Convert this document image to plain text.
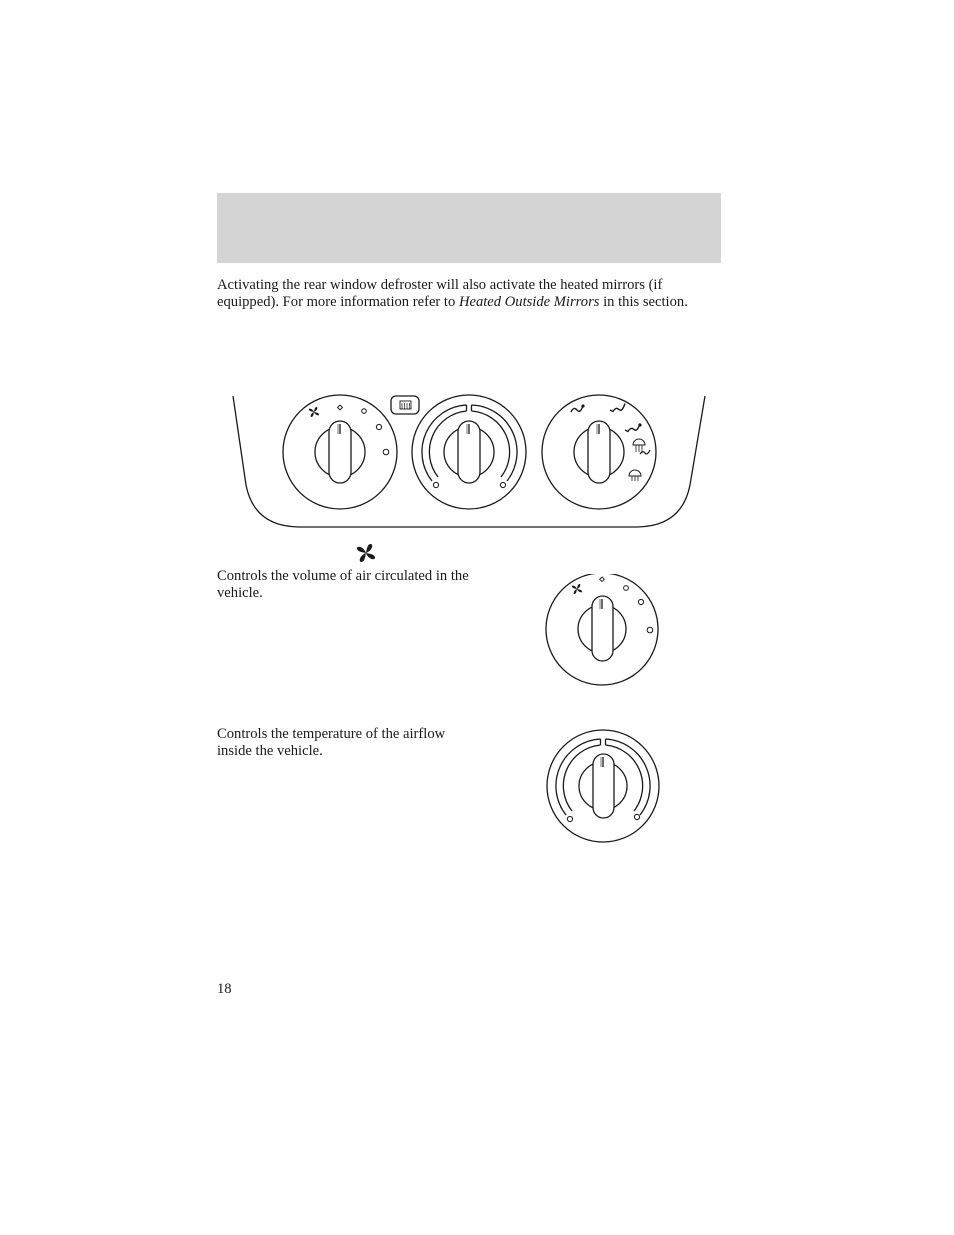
Activating the rear window defroster will also activate the heated mirrors (if equipped). For more information refer to Heated Outside Mirrors in this section.
Controls the volume of air circulated in the vehicle.
Controls the temperature of the airflow inside the vehicle.
18
